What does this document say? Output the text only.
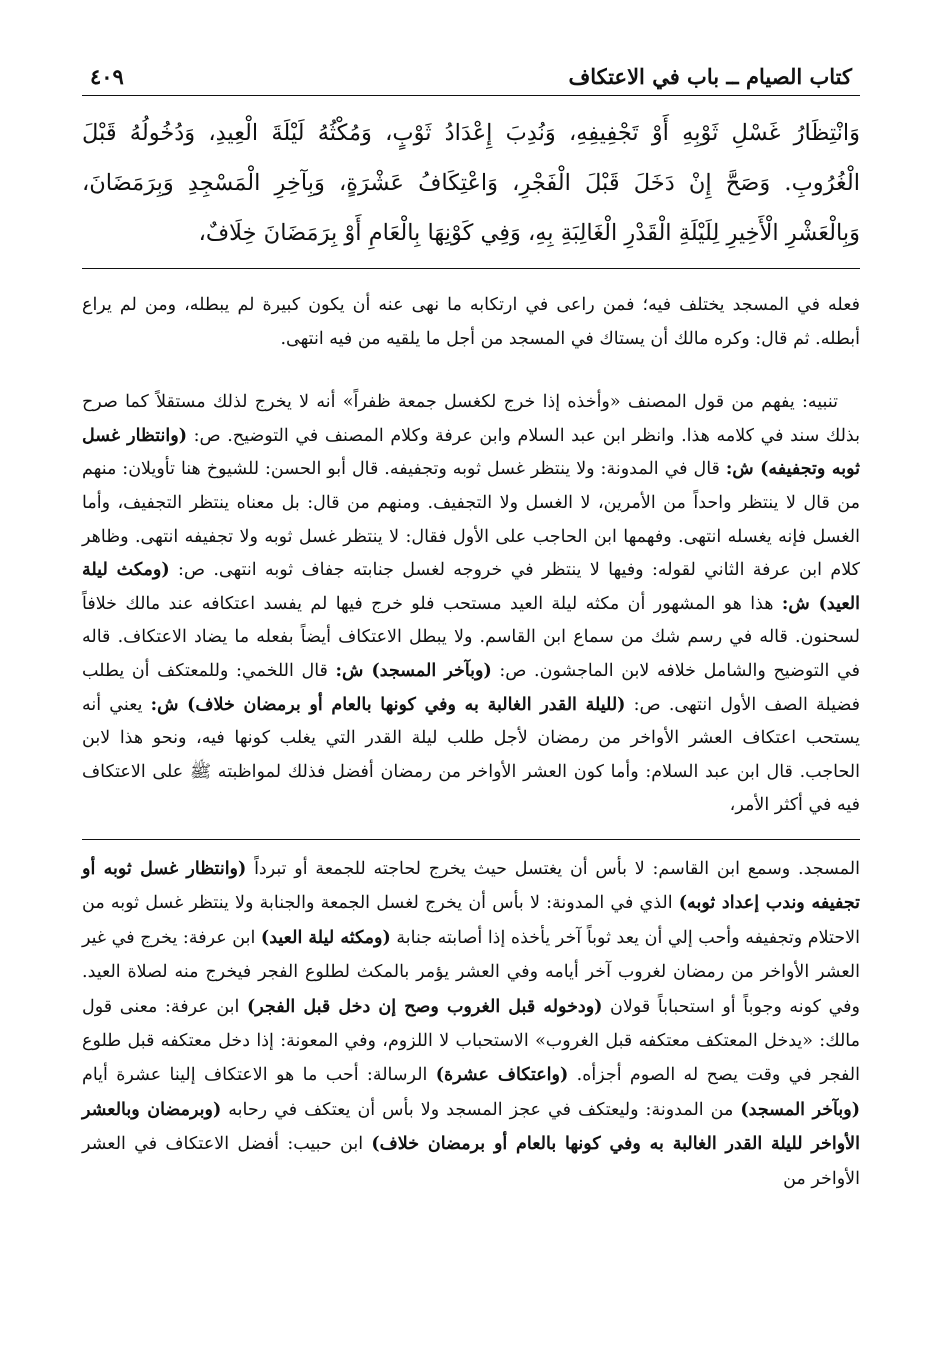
كتاب الصيام ــ باب في الاعتكاف
٤٠٩
وَانْتِظَارُ غَسْلِ ثَوْبِهِ أَوْ تَجْفِيفِهِ، وَنُدِبَ إِعْدَادُ ثَوْبٍ، وَمُكْثُهُ لَيْلَةَ الْعِيدِ، وَدُخُولُهُ قَبْلَ الْغُرُوبِ. وَصَحَّ إِنْ دَخَلَ قَبْلَ الْفَجْرِ، وَاعْتِكَافُ عَشْرَةٍ، وَبِآخِرِ الْمَسْجِدِ وَبِرَمَضَانَ، وَبِالْعَشْرِ الْأَخِيرِ لِلَيْلَةِ الْقَدْرِ الْغَالِبَةِ بِهِ، وَفِي كَوْنِهَا بِالْعَامِ أَوْ بِرَمَضَانَ خِلَافٌ،

فعله في المسجد يختلف فيه؛ فمن راعى في ارتكابه ما نهى عنه أن يكون كبيرة لم يبطله، ومن لم يراع أبطله. ثم قال: وكره مالك أن يستاك في المسجد من أجل ما يلقيه من فيه انتهى.

تنبيه: يفهم من قول المصنف «وأخذه إذا خرج لكغسل جمعة ظفراً» أنه لا يخرج لذلك مستقلاً كما صرح بذلك سند في كلامه هذا. وانظر ابن عبد السلام وابن عرفة وكلام المصنف في التوضيح. ص: (وانتظار غسل ثوبه وتجفيفه) ش: قال في المدونة: ولا ينتظر غسل ثوبه وتجفيفه. قال أبو الحسن: للشيوخ هنا تأويلان: منهم من قال لا ينتظر واحداً من الأمرين، لا الغسل ولا التجفيف. ومنهم من قال: بل معناه ينتظر التجفيف، وأما الغسل فإنه يغسله انتهى. وفهمها ابن الحاجب على الأول فقال: لا ينتظر غسل ثوبه ولا تجفيفه انتهى. وظاهر كلام ابن عرفة الثاني لقوله: وفيها لا ينتظر في خروجه لغسل جنابته جفاف ثوبه انتهى. ص: (ومكث ليلة العيد) ش: هذا هو المشهور أن مكثه ليلة العيد مستحب فلو خرج فيها لم يفسد اعتكافه عند مالك خلافاً لسحنون. قاله في رسم شك من سماع ابن القاسم. ولا يبطل الاعتكاف أيضاً بفعله ما يضاد الاعتكاف. قاله في التوضيح والشامل خلافه لابن الماجشون. ص: (وبآخر المسجد) ش: قال اللخمي: وللمعتكف أن يطلب فضيلة الصف الأول انتهى. ص: (لليلة القدر الغالبة به وفي كونها بالعام أو برمضان خلاف) ش: يعني أنه يستحب اعتكاف العشر الأواخر من رمضان لأجل طلب ليلة القدر التي يغلب كونها فيه، ونحو هذا لابن الحاجب. قال ابن عبد السلام: وأما كون العشر الأواخر من رمضان أفضل فذلك لمواظبته ﷺ على الاعتكاف فيه في أكثر الأمر،

المسجد. وسمع ابن القاسم: لا بأس أن يغتسل حيث يخرج لحاجته للجمعة أو تبرداً (وانتظار غسل ثوبه أو تجفيفه وندب إعداد ثوبه) الذي في المدونة: لا بأس أن يخرج لغسل الجمعة والجنابة ولا ينتظر غسل ثوبه من الاحتلام وتجفيفه وأحب إلي أن يعد ثوباً آخر يأخذه إذا أصابته جنابة (ومكثه ليلة العيد) ابن عرفة: يخرج في غير العشر الأواخر من رمضان لغروب آخر أيامه وفي العشر يؤمر بالمكث لطلوع الفجر فيخرج منه لصلاة العيد. وفي كونه وجوباً أو استحباباً قولان (ودخوله قبل الغروب وصح إن دخل قبل الفجر) ابن عرفة: معنى قول مالك: «يدخل المعتكف معتكفه قبل الغروب» الاستحباب لا اللزوم، وفي المعونة: إذا دخل معتكفه قبل طلوع الفجر في وقت يصح له الصوم أجزأه. (واعتكاف عشرة) الرسالة: أحب ما هو الاعتكاف إلينا عشرة أيام (وبآخر المسجد) من المدونة: وليعتكف في عجز المسجد ولا بأس أن يعتكف في رحابه (وبرمضان وبالعشر الأواخر لليلة القدر الغالبة به وفي كونها بالعام أو برمضان خلاف) ابن حبيب: أفضل الاعتكاف في العشر الأواخر من
